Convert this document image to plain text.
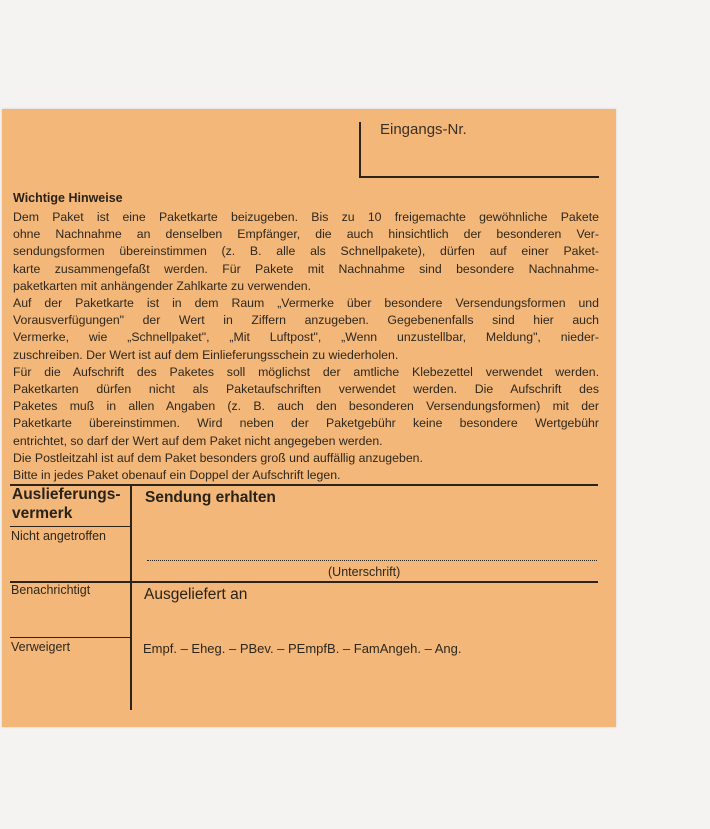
Eingangs-Nr.
Wichtige Hinweise

Dem Paket ist eine Paketkarte beizugeben. Bis zu 10 freigemachte gewöhnliche Pakete
ohne Nachnahme an denselben Empfänger, die auch hinsichtlich der besonderen Ver-
sendungsformen übereinstimmen (z. B. alle als Schnellpakete), dürfen auf einer Paket-
karte zusammengefaßt werden. Für Pakete mit Nachnahme sind besondere Nachnahme-
paketkarten mit anhängender Zahlkarte zu verwenden.

Auf der Paketkarte ist in dem Raum „Vermerke über besondere Versendungsformen und
Vorausverfügungen" der Wert in Ziffern anzugeben. Gegebenenfalls sind hier auch
Vermerke, wie „Schnellpaket", „Mit Luftpost", „Wenn unzustellbar, Meldung", nieder-
zuschreiben. Der Wert ist auf dem Einlieferungsschein zu wiederholen.

Für die Aufschrift des Paketes soll möglichst der amtliche Klebezettel verwendet werden.
Paketkarten dürfen nicht als Paketaufschriften verwendet werden. Die Aufschrift des
Paketes muß in allen Angaben (z. B. auch den besonderen Versendungsformen) mit der
Paketkarte übereinstimmen. Wird neben der Paketgebühr keine besondere Wertgebühr
entrichtet, so darf der Wert auf dem Paket nicht angegeben werden.

Die Postleitzahl ist auf dem Paket besonders groß und auffällig anzugeben.

Bitte in jedes Paket obenauf ein Doppel der Aufschrift legen.

Auslieferungs-
vermerk
Nicht angetroffen
Benachrichtigt
Verweigert
Sendung erhalten
(Unterschrift)
Ausgeliefert an
Empf. – Eheg. – PBev. – PEmpfB. – FamAngeh. – Ang.
